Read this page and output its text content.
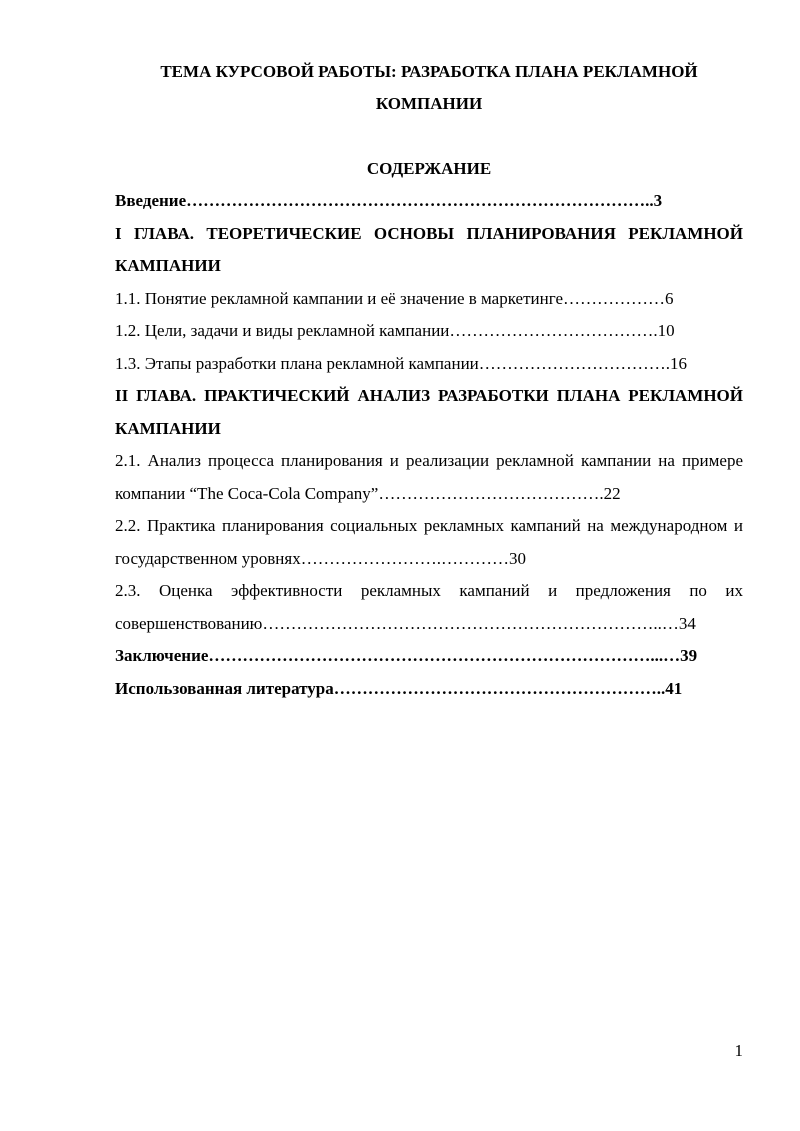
ТЕМА КУРСОВОЙ РАБОТЫ: РАЗРАБОТКА ПЛАНА РЕКЛАМНОЙ КОМПАНИИ
СОДЕРЖАНИЕ
Введение………………………………………………………………………..3
I ГЛАВА. ТЕОРЕТИЧЕСКИЕ ОСНОВЫ ПЛАНИРОВАНИЯ РЕКЛАМНОЙ КАМПАНИИ
1.1. Понятие рекламной кампании и её значение в маркетинге………………6
1.2. Цели, задачи и виды рекламной кампании……………………………….10
1.3. Этапы разработки плана рекламной кампании…………………………….16
II ГЛАВА. ПРАКТИЧЕСКИЙ АНАЛИЗ РАЗРАБОТКИ ПЛАНА РЕКЛАМНОЙ КАМПАНИИ
2.1. Анализ процесса планирования и реализации рекламной кампании на примере компании “The Coca-Cola Company”………………………………….22
2.2. Практика планирования социальных рекламных кампаний на международном и государственном уровнях…………………….…………30
2.3. Оценка эффективности рекламных кампаний и предложения по их совершенствованию……………………………………………………………..…34
Заключение……………………………………………………………………...…39
Использованная литература…………………………………………………..41
1
